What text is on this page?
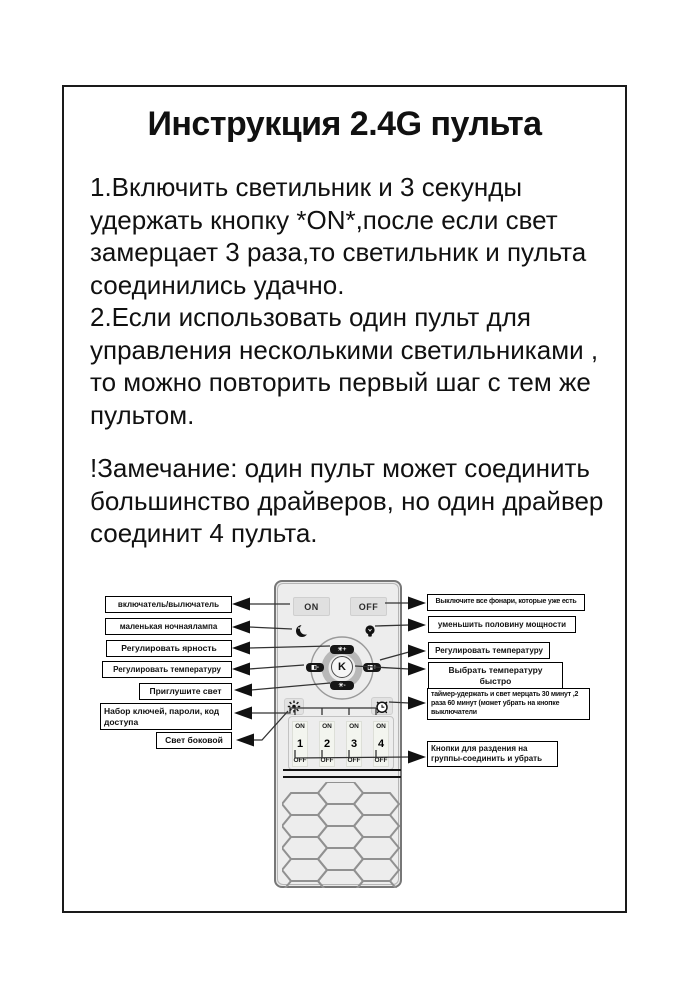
Инструкция 2.4G пульта
1.Включить светильник и 3 секунды
удержать кнопку *ON*,после если свет
замерцает 3 раза,то светильник и пульта
соединились удачно.
2.Если использовать один пульт для
управления несколькими светильниками ,
то можно повторить первый шаг с тем же
пультом.
!Замечание: один пульт может соединить
большинство драйверов, но один драйвер
соединит 4 пульта.
включатель/вылючатель
маленькая ночнаялампа
Регулировать ярность
Регулировать температуру
Приглушите свет
Набор ключей, пароли, код доступа
Свет боковой
Выключите все фонари, которые уже есть
уменьшить половину мощности
Регулировать температуру
Выбрать температуру быстро
таймер-удержать и свет мерцать 30 минут ,2 раза 60 минут (может убрать на кнопке выключатели
Кнопки для раздения на группы-соединить и убрать
ON	OFF
☀+
☀-
◧-	◨+
K
ON
1
OFF
ON
2
OFF
ON
3
OFF
ON
4
OFF
